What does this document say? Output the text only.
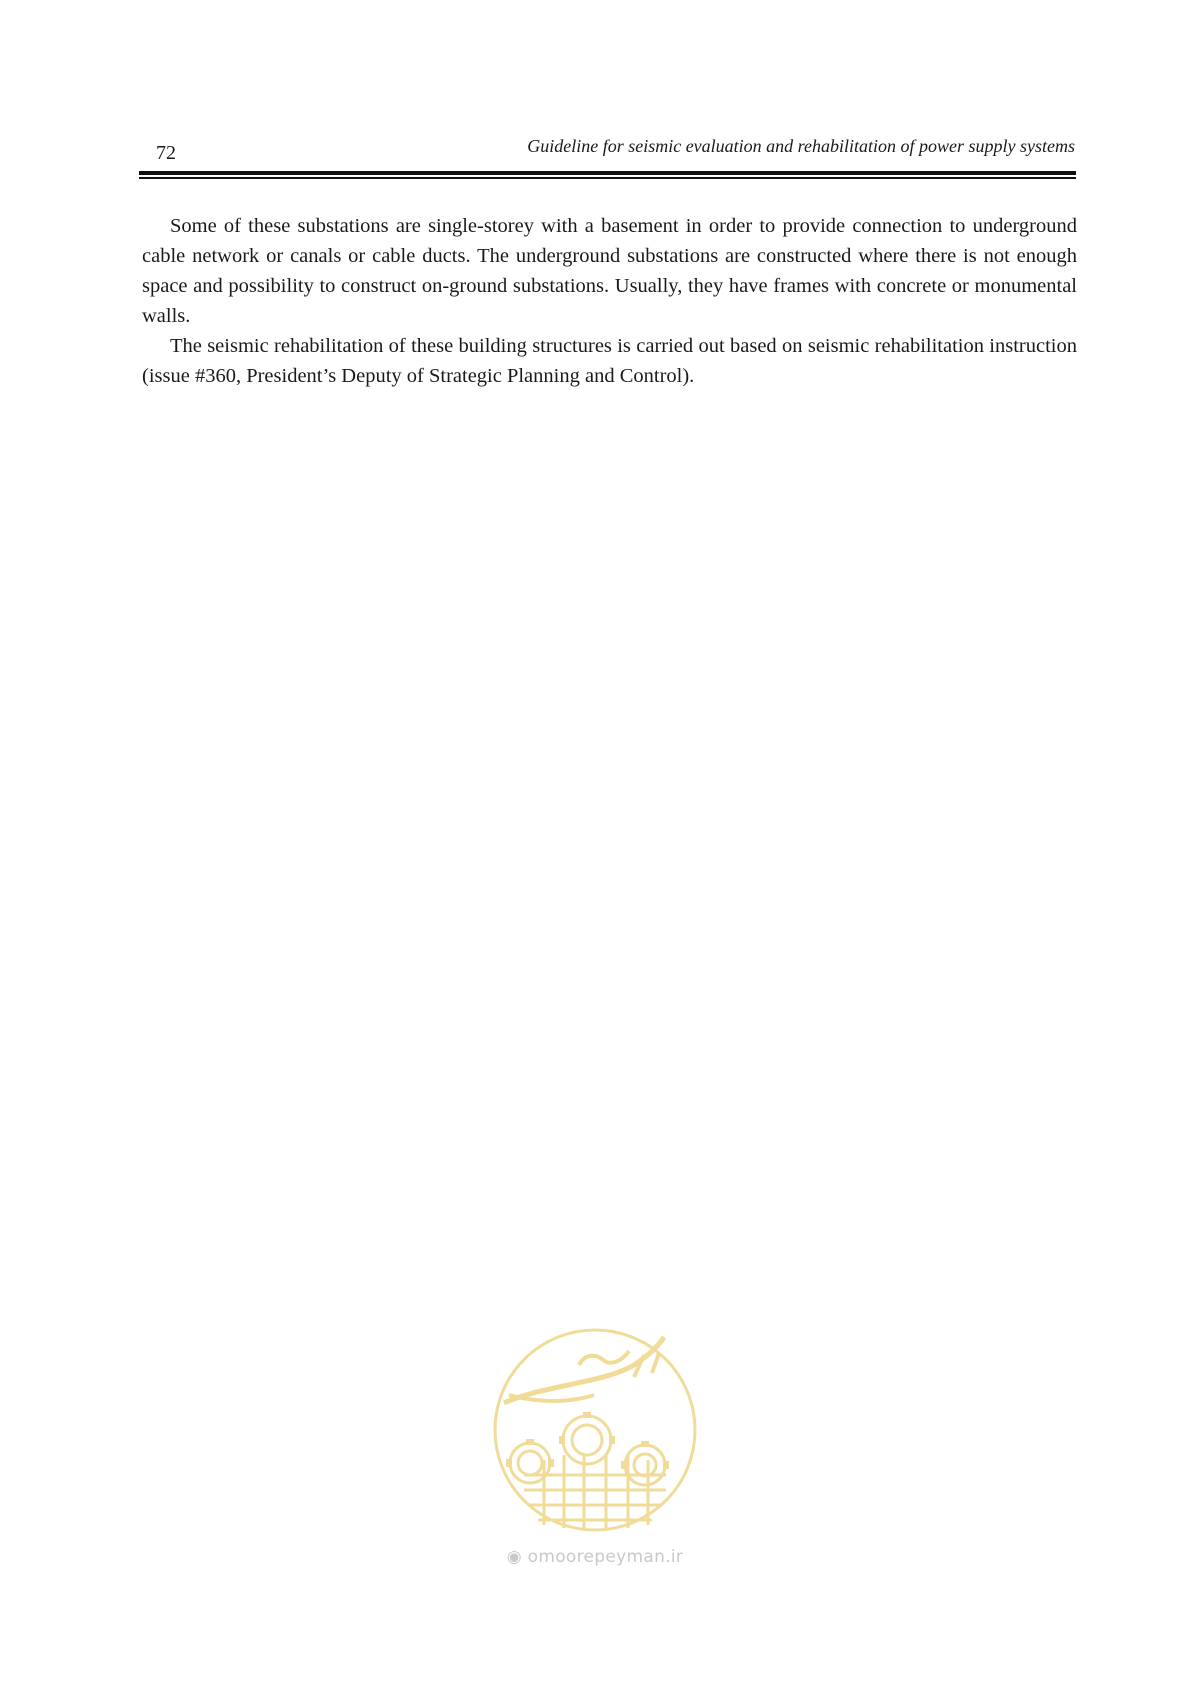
72	Guideline for seismic evaluation and rehabilitation of power supply systems

Some of these substations are single-storey with a basement in order to provide connection to underground cable network or canals or cable ducts. The underground substations are constructed where there is not enough space and possibility to construct on-ground substations. Usually, they have frames with concrete or monumental walls.

The seismic rehabilitation of these building structures is carried out based on seismic rehabilitation instruction (issue #360, President’s Deputy of Strategic Planning and Control).

◉ omoorepeyman.ir
